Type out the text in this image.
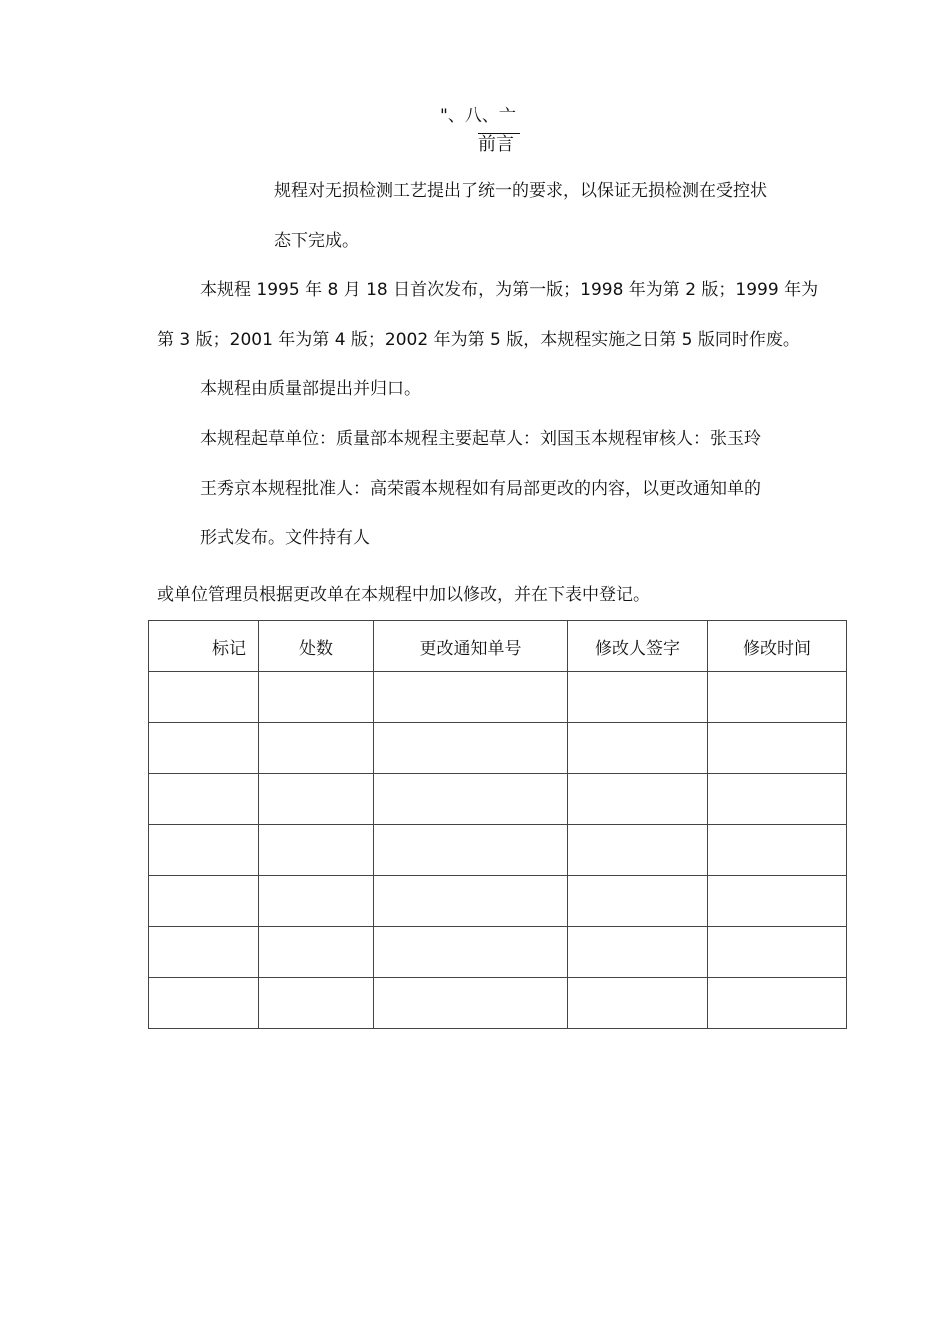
"、八、亠
前言
规程对无损检测工艺提出了统一的要求，以保证无损检测在受控状
态下完成。
本规程 1995 年 8 月 18 日首次发布，为第一版；1998 年为第 2 版；1999 年为
第 3 版；2001 年为第 4 版；2002 年为第 5 版，本规程实施之日第 5 版同时作废。
本规程由质量部提出并归口。
本规程起草单位：质量部本规程主要起草人：刘国玉本规程审核人：张玉玲
王秀京本规程批准人：高荣霞本规程如有局部更改的内容，以更改通知单的
形式发布。文件持有人
或单位管理员根据更改单在本规程中加以修改，并在下表中登记。
标记	处数	更改通知单号	修改人签字	修改时间
